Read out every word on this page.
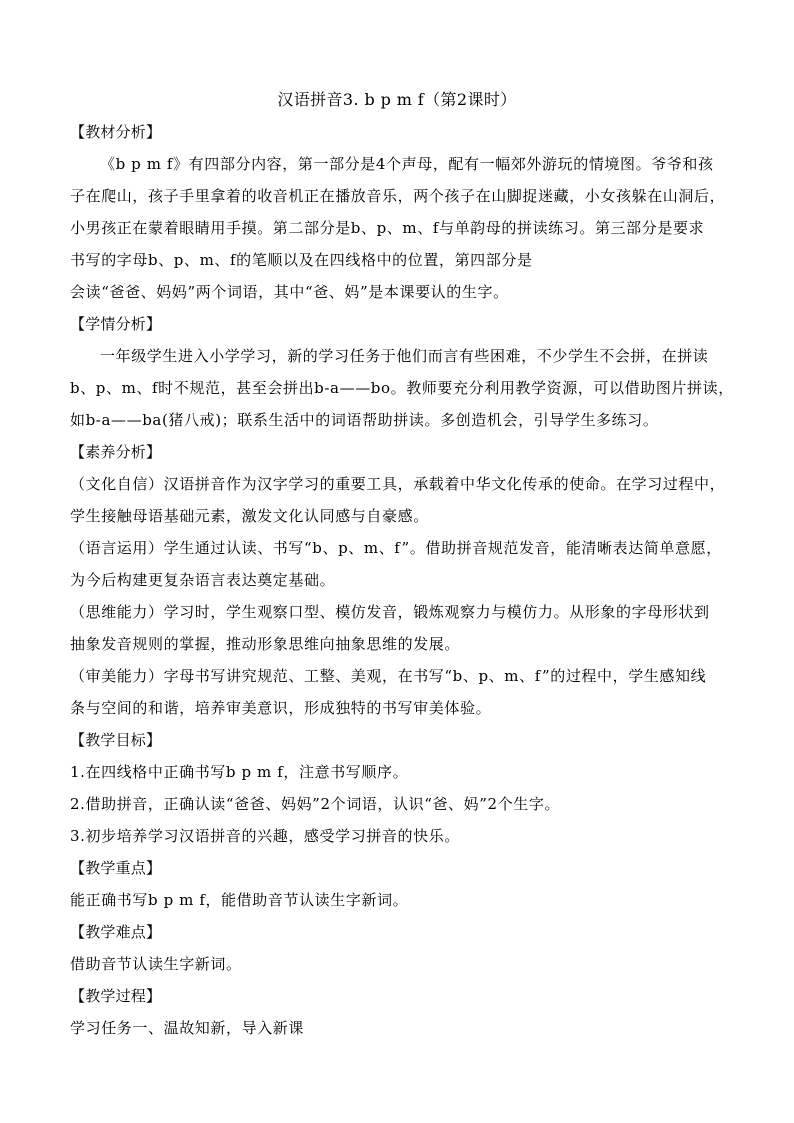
汉语拼音3. b p m f（第2课时）
【教材分析】
《b p m f》有四部分内容，第一部分是4个声母，配有一幅郊外游玩的情境图。爷爷和孩
子在爬山，孩子手里拿着的收音机正在播放音乐，两个孩子在山脚捉迷藏，小女孩躲在山洞后，
小男孩正在蒙着眼睛用手摸。第二部分是b、p、m、f与单韵母的拼读练习。第三部分是要求
书写的字母b、p、m、f的笔顺以及在四线格中的位置，第四部分是
会读“爸爸、妈妈”两个词语，其中“爸、妈”是本课要认的生字。
【学情分析】
一年级学生进入小学学习，新的学习任务于他们而言有些困难，不少学生不会拼，在拼读
b、p、m、f时不规范，甚至会拼出b-a——bo。教师要充分利用教学资源，可以借助图片拼读，
如b-a——ba(猪八戒)；联系生活中的词语帮助拼读。多创造机会，引导学生多练习。
【素养分析】
（文化自信）汉语拼音作为汉字学习的重要工具，承载着中华文化传承的使命。在学习过程中，
学生接触母语基础元素，激发文化认同感与自豪感。
（语言运用）学生通过认读、书写“b、p、m、f”。借助拼音规范发音，能清晰表达简单意愿，
为今后构建更复杂语言表达奠定基础。
（思维能力）学习时，学生观察口型、模仿发音，锻炼观察力与模仿力。从形象的字母形状到
抽象发音规则的掌握，推动形象思维向抽象思维的发展。
（审美能力）字母书写讲究规范、工整、美观，在书写“b、p、m、f”的过程中，学生感知线
条与空间的和谐，培养审美意识，形成独特的书写审美体验。
【教学目标】
1.在四线格中正确书写b p m f，注意书写顺序。
2.借助拼音，正确认读“爸爸、妈妈”2个词语，认识“爸、妈”2个生字。
3.初步培养学习汉语拼音的兴趣，感受学习拼音的快乐。
【教学重点】
能正确书写b p m f，能借助音节认读生字新词。
【教学难点】
借助音节认读生字新词。
【教学过程】
学习任务一、温故知新，导入新课
